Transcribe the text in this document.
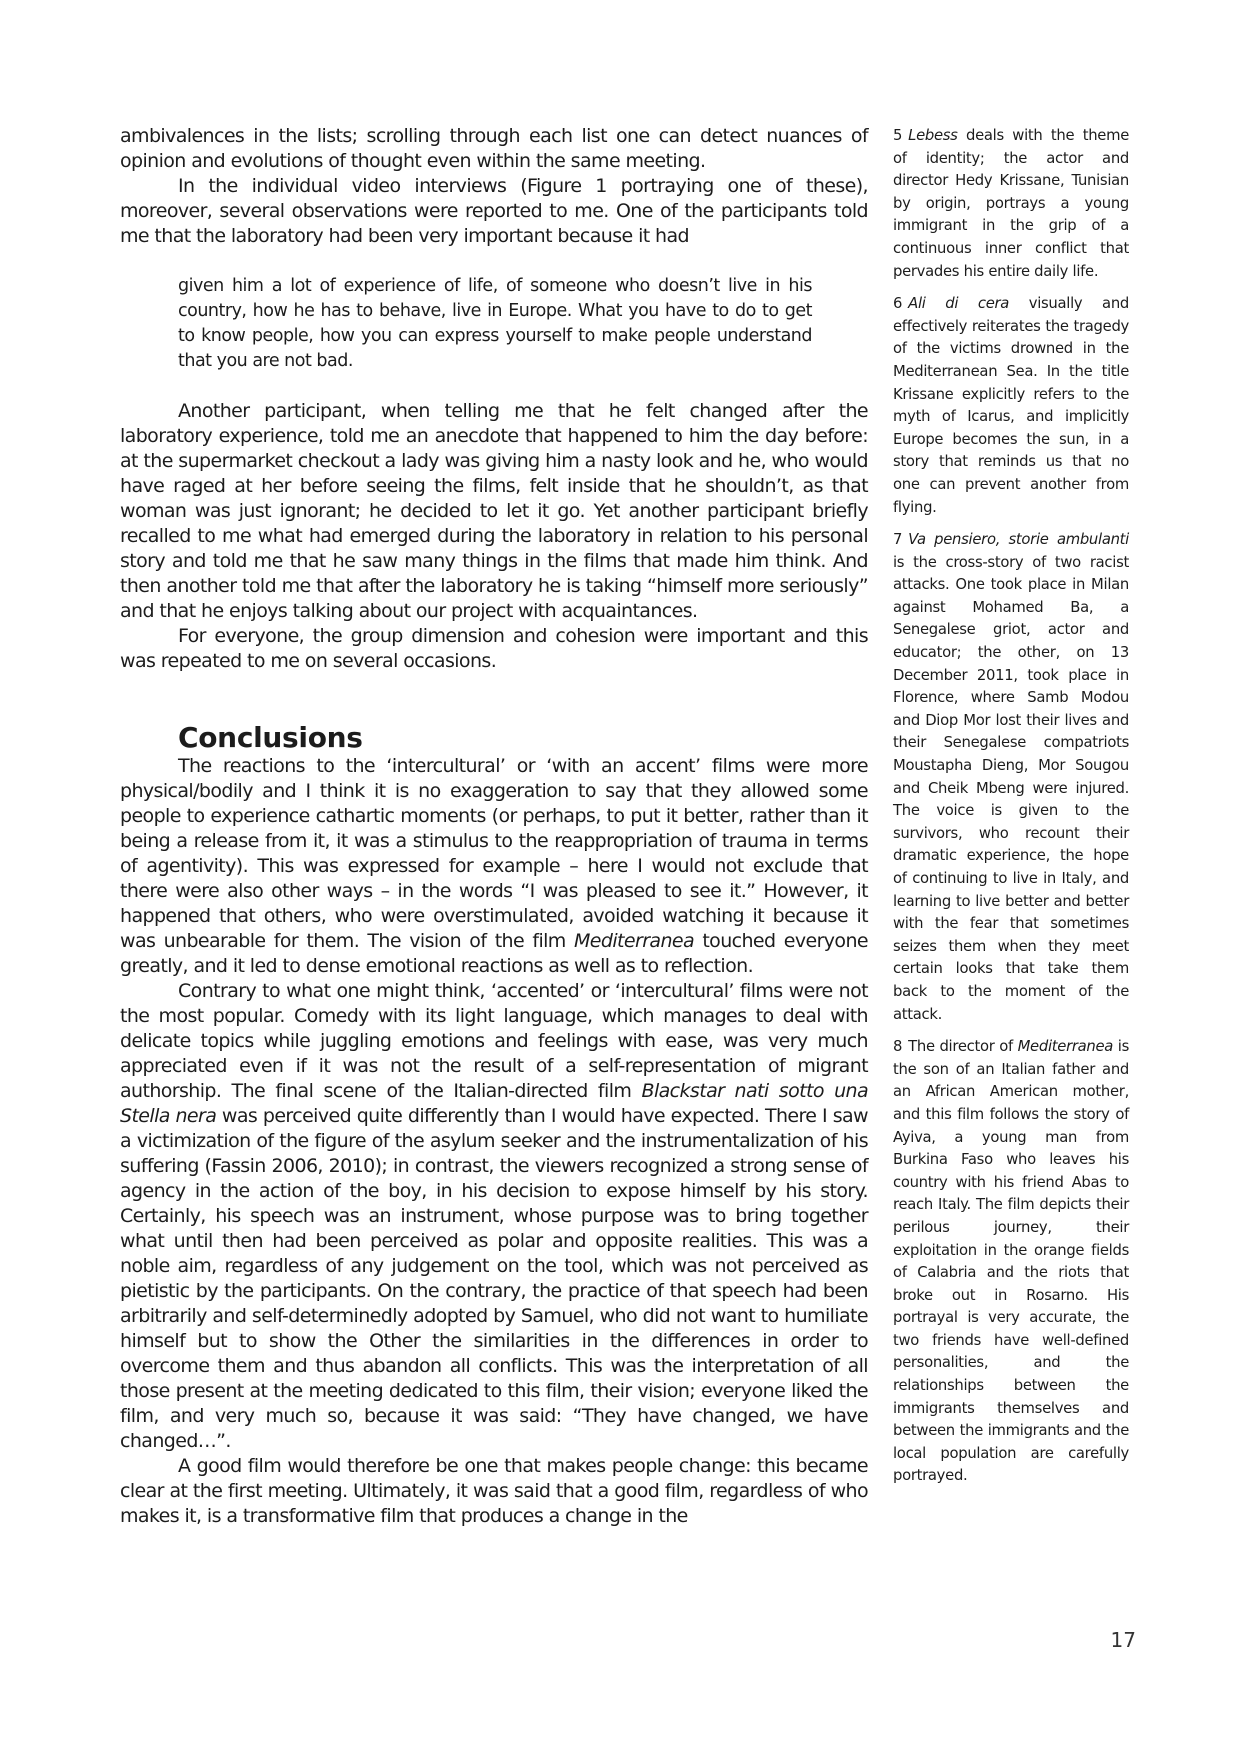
ambivalences in the lists; scrolling through each list one can detect nuances of opinion and evolutions of thought even within the same meeting.

In the individual video interviews (Figure 1 portraying one of these), moreover, several observations were reported to me. One of the participants told me that the laboratory had been very important because it had

given him a lot of experience of life, of someone who doesn’t live in his country, how he has to behave, live in Europe. What you have to do to get to know people, how you can express yourself to make people understand that you are not bad.

Another participant, when telling me that he felt changed after the laboratory experience, told me an anecdote that happened to him the day before: at the supermarket checkout a lady was giving him a nasty look and he, who would have raged at her before seeing the films, felt inside that he shouldn’t, as that woman was just ignorant; he decided to let it go. Yet another participant briefly recalled to me what had emerged during the laboratory in relation to his personal story and told me that he saw many things in the films that made him think. And then another told me that after the laboratory he is taking “himself more seriously” and that he enjoys talking about our project with acquaintances.

For everyone, the group dimension and cohesion were important and this was repeated to me on several occasions.

Conclusions

The reactions to the ‘intercultural’ or ‘with an accent’ films were more physical/bodily and I think it is no exaggeration to say that they allowed some people to experience cathartic moments (or perhaps, to put it better, rather than it being a release from it, it was a stimulus to the reappropriation of trauma in terms of agentivity). This was expressed for example – here I would not exclude that there were also other ways – in the words “I was pleased to see it.” However, it happened that others, who were overstimulated, avoided watching it because it was unbearable for them. The vision of the film Mediterranea touched everyone greatly, and it led to dense emotional reactions as well as to reflection.

Contrary to what one might think, ‘accented’ or ‘intercultural’ films were not the most popular. Comedy with its light language, which manages to deal with delicate topics while juggling emotions and feelings with ease, was very much appreciated even if it was not the result of a self-representation of migrant authorship. The final scene of the Italian-directed film Blackstar nati sotto una Stella nera was perceived quite differently than I would have expected. There I saw a victimization of the figure of the asylum seeker and the instrumentalization of his suffering (Fassin 2006, 2010); in contrast, the viewers recognized a strong sense of agency in the action of the boy, in his decision to expose himself by his story. Certainly, his speech was an instrument, whose purpose was to bring together what until then had been perceived as polar and opposite realities. This was a noble aim, regardless of any judgement on the tool, which was not perceived as pietistic by the participants. On the contrary, the practice of that speech had been arbitrarily and self-determinedly adopted by Samuel, who did not want to humiliate himself but to show the Other the similarities in the differences in order to overcome them and thus abandon all conflicts. This was the interpretation of all those present at the meeting dedicated to this film, their vision; everyone liked the film, and very much so, because it was said: “They have changed, we have changed…”.

A good film would therefore be one that makes people change: this became clear at the first meeting. Ultimately, it was said that a good film, regardless of who makes it, is a transformative film that produces a change in the

5 Lebess deals with the theme of identity; the actor and director Hedy Krissane, Tunisian by origin, portrays a young immigrant in the grip of a continuous inner conflict that pervades his entire daily life.

6 Ali di cera visually and effectively reiterates the tragedy of the victims drowned in the Mediterranean Sea. In the title Krissane explicitly refers to the myth of Icarus, and implicitly Europe becomes the sun, in a story that reminds us that no one can prevent another from flying.

7 Va pensiero, storie ambulanti is the cross-story of two racist attacks. One took place in Milan against Mohamed Ba, a Senegalese griot, actor and educator; the other, on 13 December 2011, took place in Florence, where Samb Modou and Diop Mor lost their lives and their Senegalese compatriots Moustapha Dieng, Mor Sougou and Cheik Mbeng were injured. The voice is given to the survivors, who recount their dramatic experience, the hope of continuing to live in Italy, and learning to live better and better with the fear that sometimes seizes them when they meet certain looks that take them back to the moment of the attack.

8 The director of Mediterranea is the son of an Italian father and an African American mother, and this film follows the story of Ayiva, a young man from Burkina Faso who leaves his country with his friend Abas to reach Italy. The film depicts their perilous journey, their exploitation in the orange fields of Calabria and the riots that broke out in Rosarno. His portrayal is very accurate, the two friends have well-defined personalities, and the relationships between the immigrants themselves and between the immigrants and the local population are carefully portrayed.

17
